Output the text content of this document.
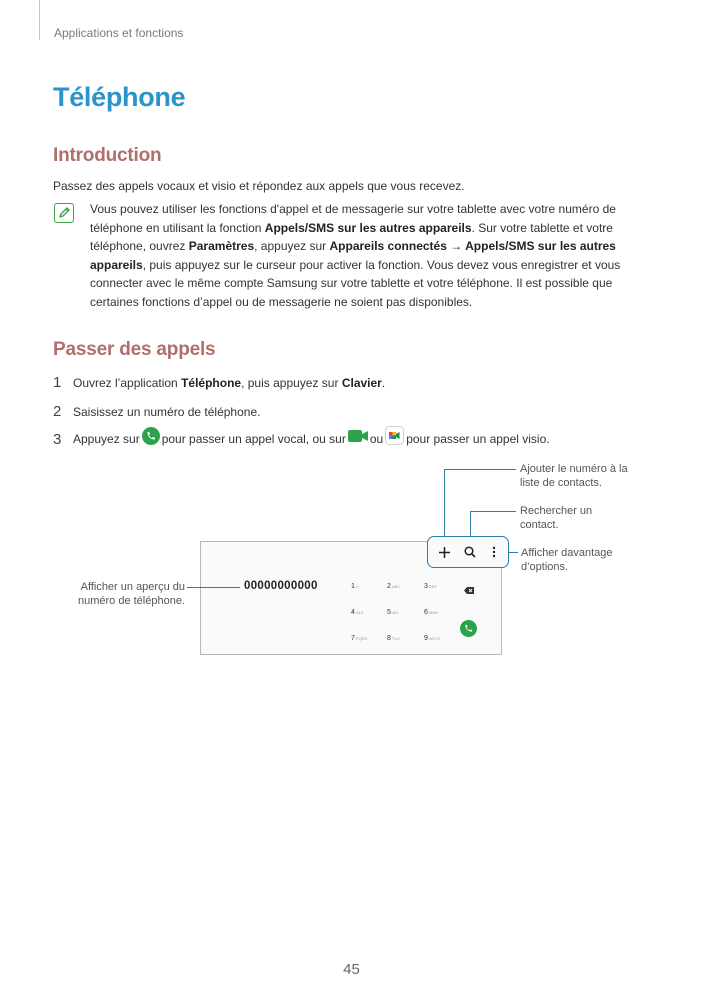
Applications et fonctions
Téléphone
Introduction

Passez des appels vocaux et visio et répondez aux appels que vous recevez.

Vous pouvez utiliser les fonctions d'appel et de messagerie sur votre tablette avec votre numéro de téléphone en utilisant la fonction Appels/SMS sur les autres appareils. Sur votre tablette et votre téléphone, ouvrez Paramètres, appuyez sur Appareils connectés → Appels/SMS sur les autres appareils, puis appuyez sur le curseur pour activer la fonction. Vous devez vous enregistrer et vous connecter avec le même compte Samsung sur votre tablette et votre téléphone. Il est possible que certaines fonctions d’appel ou de messagerie ne soient pas disponibles.

Passer des appels
1 Ouvrez l’application Téléphone, puis appuyez sur Clavier.
2 Saisissez un numéro de téléphone.
3 Appuyez sur pour passer un appel vocal, ou sur ou pour passer un appel visio.
Ajouter le numéro à la liste de contacts.
Rechercher un contact.
Afficher davantage d’options.
Afficher un aperçu du numéro de téléphone.
00000000000	1∞	2ABC	3DEF
4GHI	5JKL	6MNO
7PQRS	8TUV	9WXYZ
45
